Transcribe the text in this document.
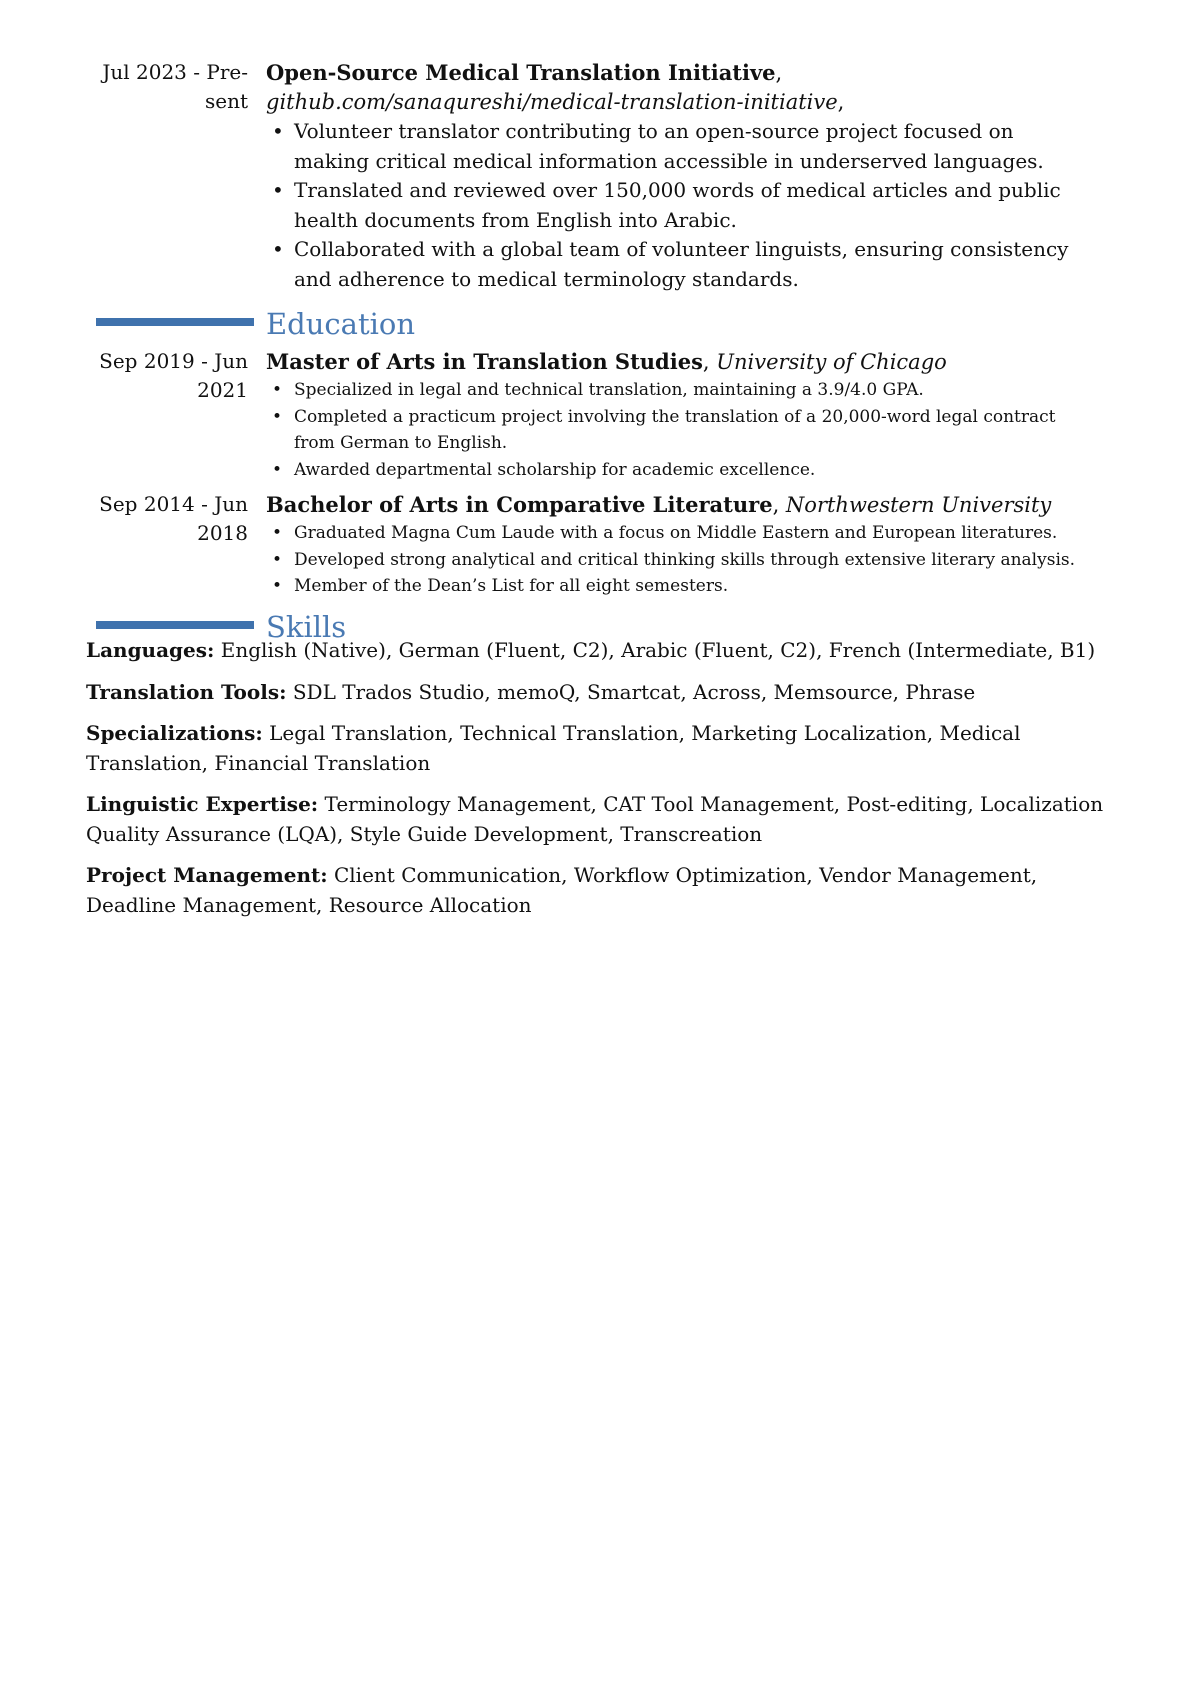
Jul 2023 - Pre-
sent
Open-Source Medical Translation Initiative, github.com/sanaqureshi/medical-translation-initiative,
• Volunteer translator contributing to an open-source project focused on making critical medical information accessible in underserved languages.
• Translated and reviewed over 150,000 words of medical articles and public health documents from English into Arabic.
• Collaborated with a global team of volunteer linguists, ensuring consistency and adherence to medical terminology standards.
Education
Sep 2019 - Jun
2021
Master of Arts in Translation Studies, University of Chicago
• Specialized in legal and technical translation, maintaining a 3.9/4.0 GPA.
• Completed a practicum project involving the translation of a 20,000-word legal contract from German to English.
• Awarded departmental scholarship for academic excellence.
Sep 2014 - Jun
2018
Bachelor of Arts in Comparative Literature, Northwestern University
• Graduated Magna Cum Laude with a focus on Middle Eastern and European literatures.
• Developed strong analytical and critical thinking skills through extensive literary analysis.
• Member of the Dean’s List for all eight semesters.
Skills
Languages: English (Native), German (Fluent, C2), Arabic (Fluent, C2), French (Intermediate, B1)
Translation Tools: SDL Trados Studio, memoQ, Smartcat, Across, Memsource, Phrase
Specializations: Legal Translation, Technical Translation, Marketing Localization, Medical Translation, Financial Translation
Linguistic Expertise: Terminology Management, CAT Tool Management, Post-editing, Localization Quality Assurance (LQA), Style Guide Development, Transcreation
Project Management: Client Communication, Workflow Optimization, Vendor Management, Deadline Management, Resource Allocation
